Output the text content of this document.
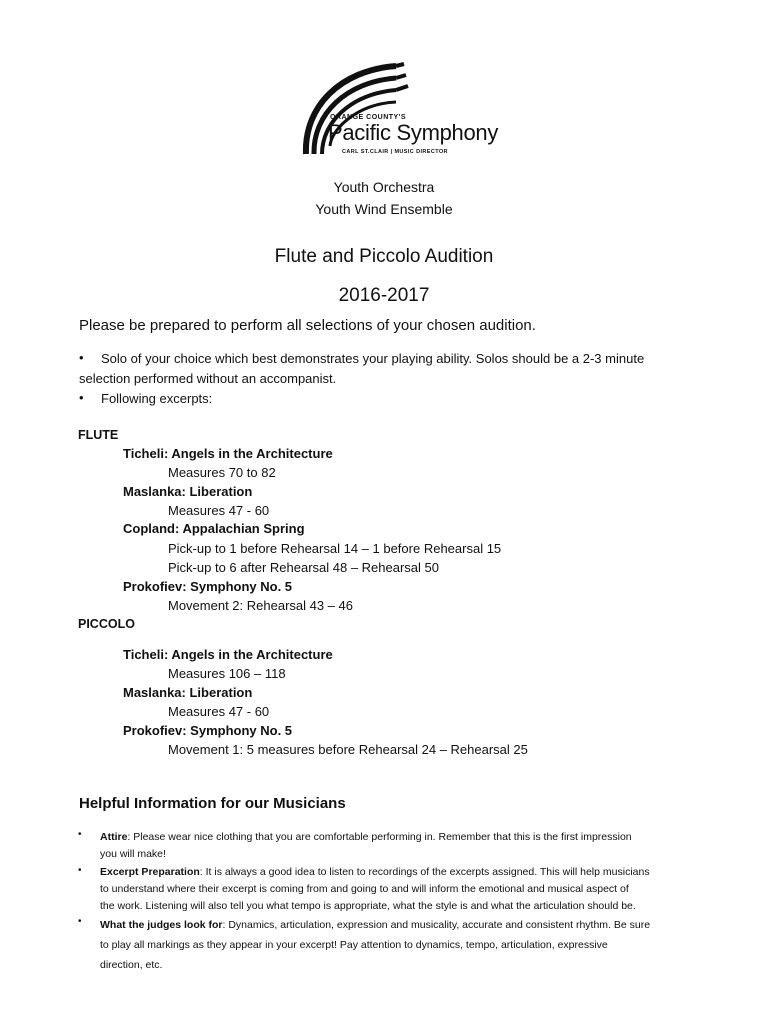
ORANGE COUNTY'S
Pacific Symphony
CARL ST.CLAIR | MUSIC DIRECTOR
Youth Orchestra
Youth Wind Ensemble
Flute and Piccolo Audition
2016-2017
Please be prepared to perform all selections of your chosen audition.
• Solo of your choice which best demonstrates your playing ability. Solos should be a 2-3 minute
selection performed without an accompanist.
• Following excerpts:
FLUTE
Ticheli: Angels in the Architecture
Measures 70 to 82
Maslanka: Liberation
Measures 47 - 60
Copland: Appalachian Spring
Pick-up to 1 before Rehearsal 14 – 1 before Rehearsal 15
Pick-up to 6 after Rehearsal 48 – Rehearsal 50
Prokofiev: Symphony No. 5
Movement 2: Rehearsal 43 – 46
PICCOLO
Ticheli: Angels in the Architecture
Measures 106 – 118
Maslanka: Liberation
Measures 47 - 60
Prokofiev: Symphony No. 5
Movement 1: 5 measures before Rehearsal 24 – Rehearsal 25
Helpful Information for our Musicians
• Attire: Please wear nice clothing that you are comfortable performing in. Remember that this is the first impression
you will make!
• Excerpt Preparation: It is always a good idea to listen to recordings of the excerpts assigned. This will help musicians
to understand where their excerpt is coming from and going to and will inform the emotional and musical aspect of
the work. Listening will also tell you what tempo is appropriate, what the style is and what the articulation should be.
• What the judges look for: Dynamics, articulation, expression and musicality, accurate and consistent rhythm. Be sure
to play all markings as they appear in your excerpt! Pay attention to dynamics, tempo, articulation, expressive
direction, etc.
